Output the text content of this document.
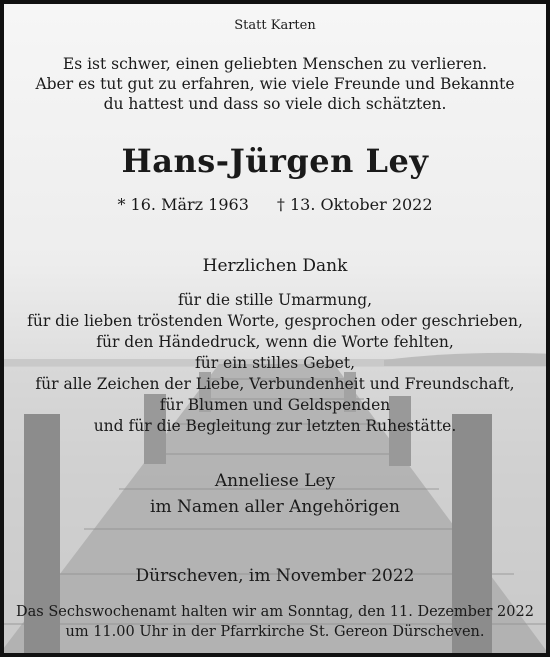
Statt Karten
Es ist schwer, einen geliebten Menschen zu verlieren.
Aber es tut gut zu erfahren, wie viele Freunde und Bekannte
du hattest und dass so viele dich schätzten.
Hans-Jürgen Ley
* 16. März 1963 † 13. Oktober 2022
Herzlichen Dank
für die stille Umarmung,
für die lieben tröstenden Worte, gesprochen oder geschrieben,
für den Händedruck, wenn die Worte fehlten,
für ein stilles Gebet,
für alle Zeichen der Liebe, Verbundenheit und Freundschaft,
für Blumen und Geldspenden
und für die Begleitung zur letzten Ruhestätte.
Anneliese Ley
im Namen aller Angehörigen
Dürscheven, im November 2022
Das Sechswochenamt halten wir am Sonntag, den 11. Dezember 2022
um 11.00 Uhr in der Pfarrkirche St. Gereon Dürscheven.
